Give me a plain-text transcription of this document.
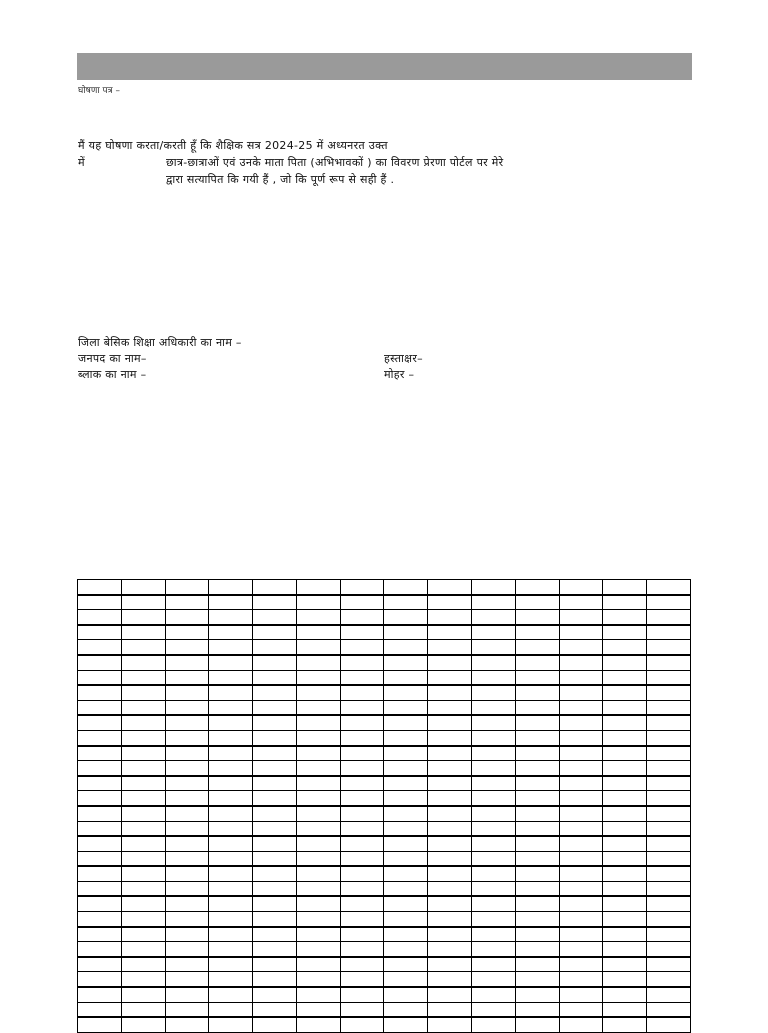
घोषणा पत्र –
मैं यह घोषणा करता/करती हूँ कि शैक्षिक सत्र 2024-25 में अध्यनरत उक्त
में	छात्र-छात्राओं एवं उनके माता पिता (अभिभावकों ) का विवरण प्रेरणा पोर्टल पर मेरे
द्वारा सत्यापित कि गयी हैं , जो कि पूर्ण रूप से सही हैं .
जिला बेसिक शिक्षा अधिकारी का नाम –
जनपद का नाम–
ब्लाक का नाम –
हस्ताक्षर–
मोहर –
